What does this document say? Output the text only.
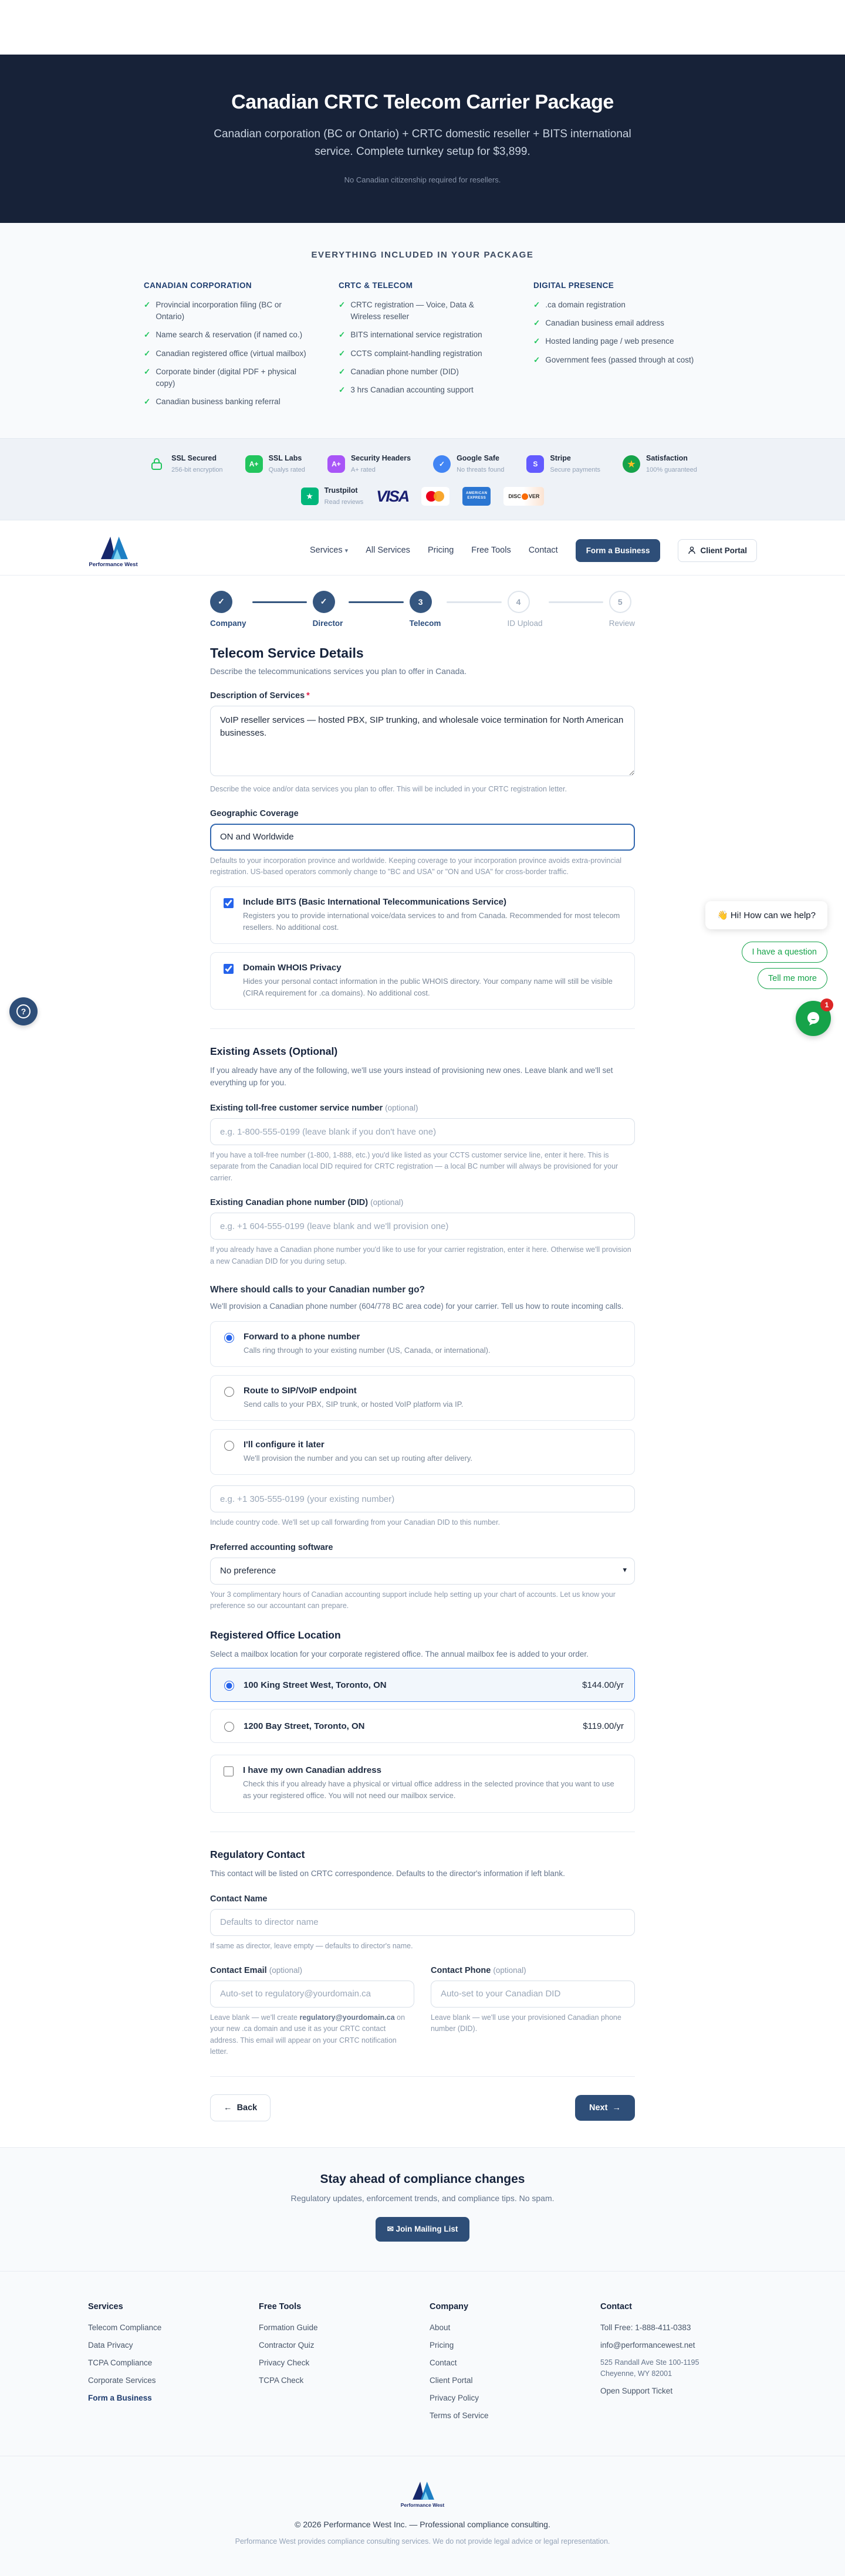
Canadian CRTC Telecom Carrier Package
Canadian corporation (BC or Ontario) + CRTC domestic reseller + BITS international service. Complete turnkey setup for $3,899.
No Canadian citizenship required for resellers.
EVERYTHING INCLUDED IN YOUR PACKAGE
CANADIAN CORPORATION
✓ Provincial incorporation filing (BC or Ontario)
✓ Name search & reservation (if named co.)
✓ Canadian registered office (virtual mailbox)
✓ Corporate binder (digital PDF + physical copy)
✓ Canadian business banking referral
CRTC & TELECOM
✓ CRTC registration — Voice, Data & Wireless reseller
✓ BITS international service registration
✓ CCTS complaint-handling registration
✓ Canadian phone number (DID)
✓ 3 hrs Canadian accounting support
DIGITAL PRESENCE
✓ .ca domain registration
✓ Canadian business email address
✓ Hosted landing page / web presence
✓ Government fees (passed through at cost)
SSL Secured
256-bit encryption
A+
SSL Labs
Qualys rated
A+
Security Headers
A+ rated
✓
Google Safe
No threats found
S
Stripe
Secure payments
★
Satisfaction
100% guaranteed
★
Trustpilot
Read reviews VISA	AMERICAN
EXPRESS	DISC VER
Performance West
Services ▾ All Services Pricing Free Tools Contact	Form a Business	Client Portal
✓
Company
✓
Director
3
Telecom
4
ID Upload
5
Review
Telecom Service Details
Describe the telecommunications services you plan to offer in Canada.
Description of Services *
VoIP reseller services — hosted PBX, SIP trunking, and wholesale voice termination for North American businesses.
Describe the voice and/or data services you plan to offer. This will be included in your CRTC registration letter.
Geographic Coverage
ON and Worldwide
Defaults to your incorporation province and worldwide. Keeping coverage to your incorporation province avoids extra-provincial registration. US-based operators commonly change to "BC and USA" or "ON and USA" for cross-border traffic.
Include BITS (Basic International Telecommunications Service)
Registers you to provide international voice/data services to and from Canada. Recommended for most telecom resellers. No additional cost.
Domain WHOIS Privacy
Hides your personal contact information in the public WHOIS directory. Your company name will still be visible (CIRA requirement for .ca domains). No additional cost.
Existing Assets (Optional)
If you already have any of the following, we'll use yours instead of provisioning new ones. Leave blank and we'll set everything up for you.
Existing toll-free customer service number (optional)
e.g. 1-800-555-0199 (leave blank if you don't have one)
If you have a toll-free number (1-800, 1-888, etc.) you'd like listed as your CCTS customer service line, enter it here. This is separate from the Canadian local DID required for CRTC registration — a local BC number will always be provisioned for your carrier.
Existing Canadian phone number (DID) (optional)
e.g. +1 604-555-0199 (leave blank and we'll provision one)
If you already have a Canadian phone number you'd like to use for your carrier registration, enter it here. Otherwise we'll provision a new Canadian DID for you during setup.
Where should calls to your Canadian number go?
We'll provision a Canadian phone number (604/778 BC area code) for your carrier. Tell us how to route incoming calls.
Forward to a phone number
Calls ring through to your existing number (US, Canada, or international).
Route to SIP/VoIP endpoint
Send calls to your PBX, SIP trunk, or hosted VoIP platform via IP.
I'll configure it later
We'll provision the number and you can set up routing after delivery.
e.g. +1 305-555-0199 (your existing number)
Include country code. We'll set up call forwarding from your Canadian DID to this number.
Preferred accounting software
No preference
▾
Your 3 complimentary hours of Canadian accounting support include help setting up your chart of accounts. Let us know your preference so our accountant can prepare.
Registered Office Location
Select a mailbox location for your corporate registered office. The annual mailbox fee is added to your order.
100 King Street West, Toronto, ON	$144.00/yr
1200 Bay Street, Toronto, ON	$119.00/yr
I have my own Canadian address
Check this if you already have a physical or virtual office address in the selected province that you want to use as your registered office. You will not need our mailbox service.
Regulatory Contact
This contact will be listed on CRTC correspondence. Defaults to the director's information if left blank.
Contact Name
Defaults to director name
If same as director, leave empty — defaults to director's name.
Contact Email (optional)
Auto-set to regulatory@yourdomain.ca
Leave blank — we'll create regulatory@yourdomain.ca on your new .ca domain and use it as your CRTC contact address. This email will appear on your CRTC notification letter.
Contact Phone (optional)
Auto-set to your Canadian DID
Leave blank — we'll use your provisioned Canadian phone number (DID).
← Back	Next →
Stay ahead of compliance changes
Regulatory updates, enforcement trends, and compliance tips. No spam.
✉ Join Mailing List
Services
Telecom Compliance
Data Privacy
TCPA Compliance
Corporate Services
Form a Business
Free Tools
Formation Guide
Contractor Quiz
Privacy Check
TCPA Check
Company
About
Pricing
Contact
Client Portal
Privacy Policy
Terms of Service
Contact
Toll Free: 1-888-411-0383
info@performancewest.net
525 Randall Ave Ste 100-1195
Cheyenne, WY 82001
Open Support Ticket
Performance West
© 2026 Performance West Inc. — Professional compliance consulting.
Performance West provides compliance consulting services. We do not provide legal advice or legal representation.
?
👋 Hi! How can we help?
I have a question
Tell me more
1
